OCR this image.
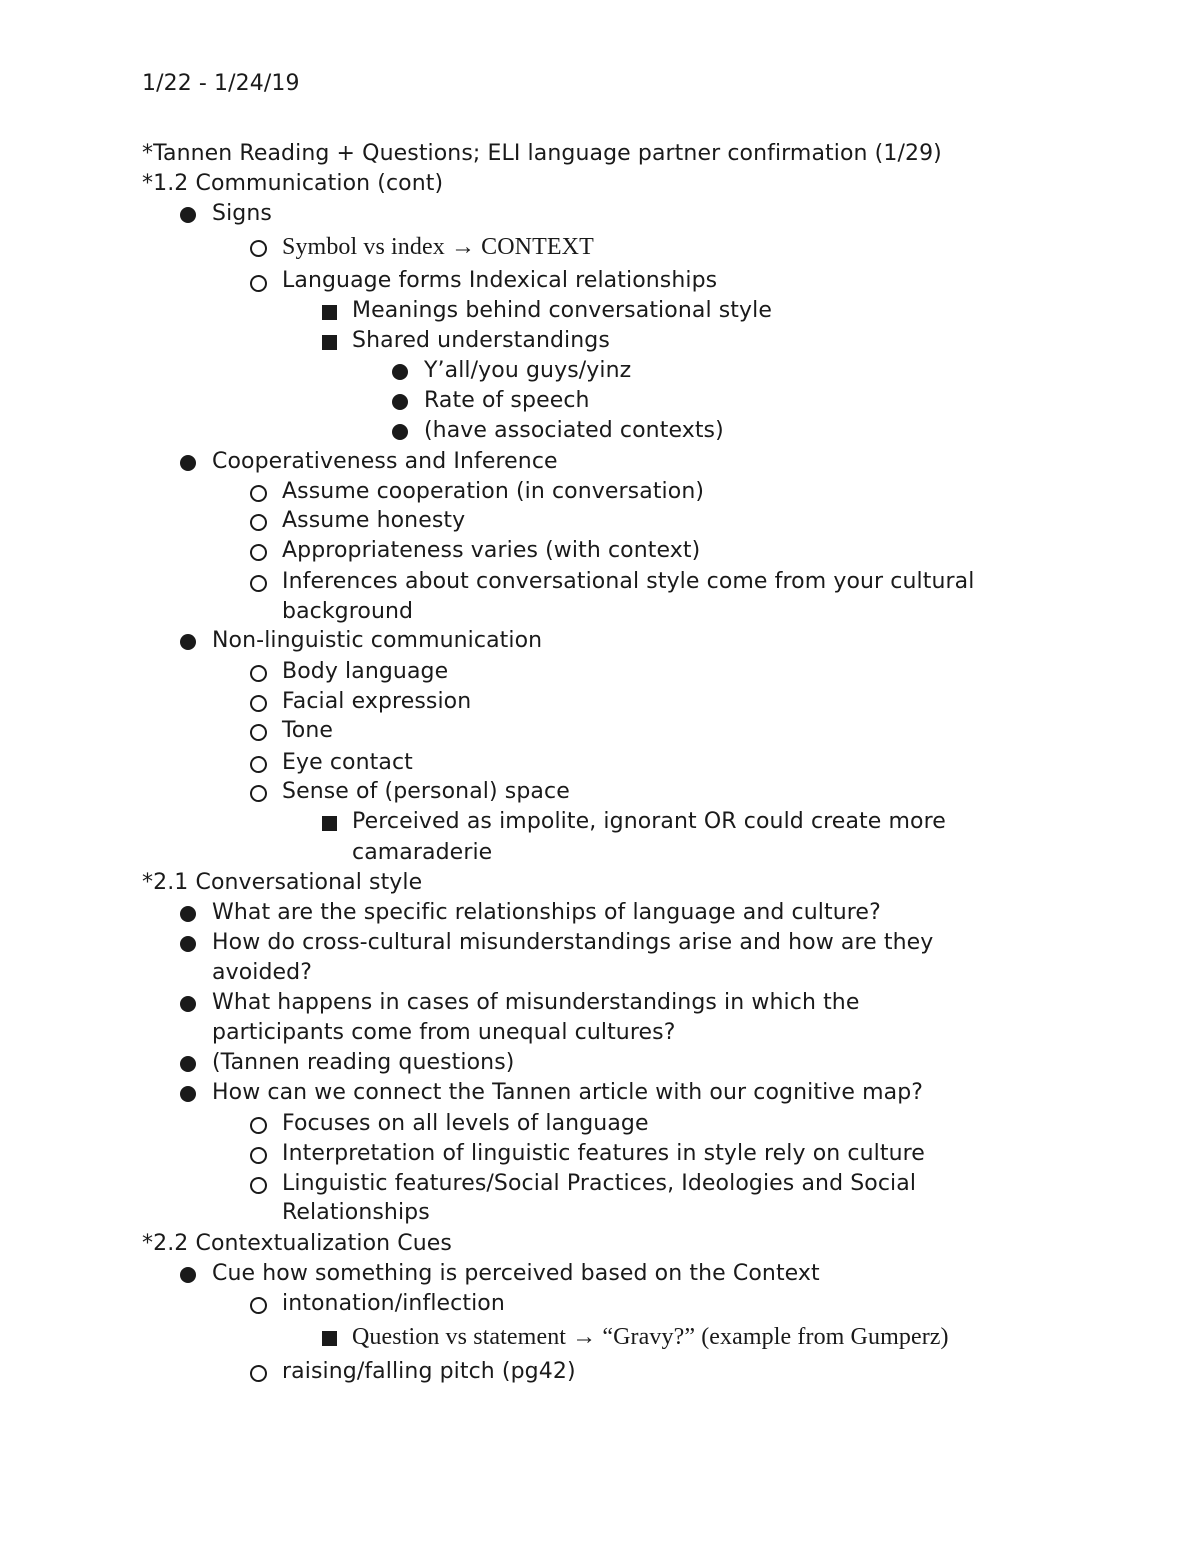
1/22 - 1/24/19
*Tannen Reading + Questions; ELI language partner confirmation (1/29)
*1.2 Communication (cont)
Signs
Symbol vs index → CONTEXT
Language forms Indexical relationships
Meanings behind conversational style
Shared understandings
Y’all/you guys/yinz
Rate of speech
(have associated contexts)
Cooperativeness and Inference
Assume cooperation (in conversation)
Assume honesty
Appropriateness varies (with context)
Inferences about conversational style come from your cultural
background
Non-linguistic communication
Body language
Facial expression
Tone
Eye contact
Sense of (personal) space
Perceived as impolite, ignorant OR could create more
camaraderie
*2.1 Conversational style
What are the specific relationships of language and culture?
How do cross-cultural misunderstandings arise and how are they
avoided?
What happens in cases of misunderstandings in which the
participants come from unequal cultures?
(Tannen reading questions)
How can we connect the Tannen article with our cognitive map?
Focuses on all levels of language
Interpretation of linguistic features in style rely on culture
Linguistic features/Social Practices, Ideologies and Social
Relationships
*2.2 Contextualization Cues
Cue how something is perceived based on the Context
intonation/inflection
Question vs statement → “Gravy?” (example from Gumperz)
raising/falling pitch (pg42)
